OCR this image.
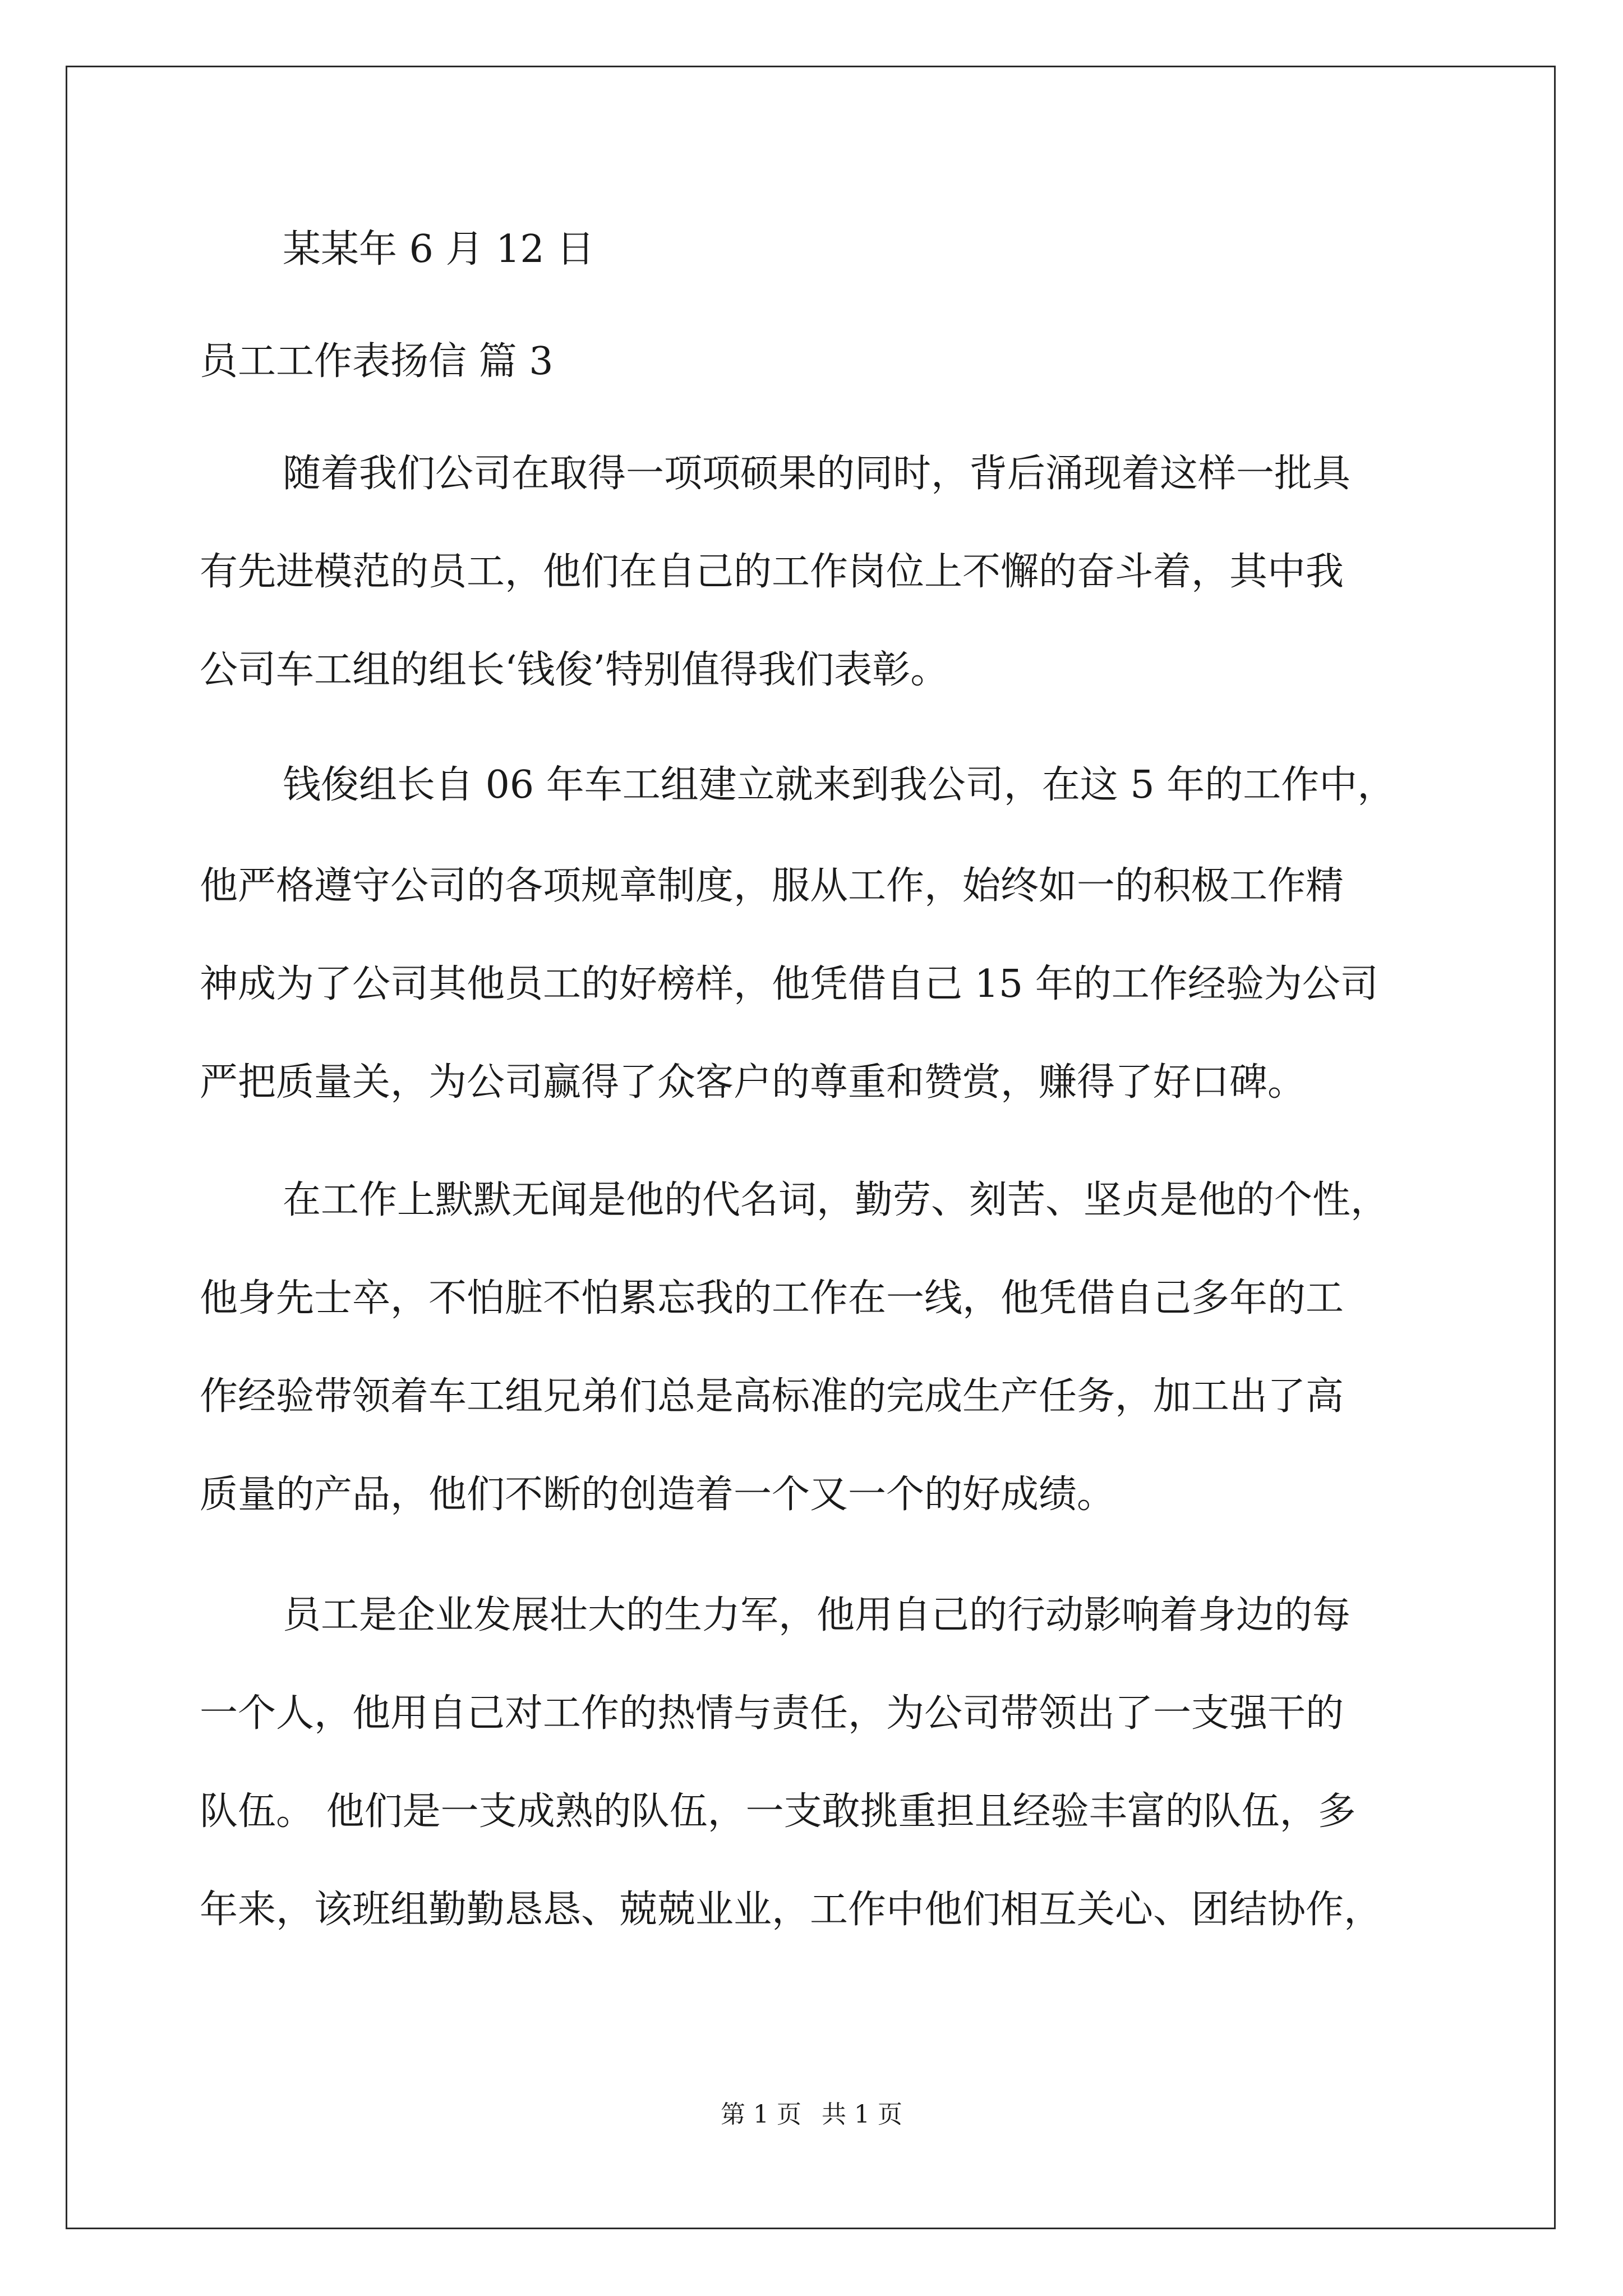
某某年 6 月 12 日
员工工作表扬信 篇 3
随着我们公司在取得一项项硕果的同时，背后涌现着这样一批具
有先进模范的员工，他们在自己的工作岗位上不懈的奋斗着，其中我
公司车工组的组长‘钱俊’特别值得我们表彰。
钱俊组长自 06 年车工组建立就来到我公司，在这 5 年的工作中，
他严格遵守公司的各项规章制度，服从工作，始终如一的积极工作精
神成为了公司其他员工的好榜样，他凭借自己 15 年的工作经验为公司
严把质量关，为公司赢得了众客户的尊重和赞赏，赚得了好口碑。
在工作上默默无闻是他的代名词，勤劳、刻苦、坚贞是他的个性，
他身先士卒，不怕脏不怕累忘我的工作在一线，他凭借自己多年的工
作经验带领着车工组兄弟们总是高标准的完成生产任务，加工出了高
质量的产品，他们不断的创造着一个又一个的好成绩。
员工是企业发展壮大的生力军，他用自己的行动影响着身边的每
一个人，他用自己对工作的热情与责任，为公司带领出了一支强干的
队伍。 他们是一支成熟的队伍，一支敢挑重担且经验丰富的队伍，多
年来，该班组勤勤恳恳、兢兢业业，工作中他们相互关心、团结协作，
第 1 页 共 1 页
